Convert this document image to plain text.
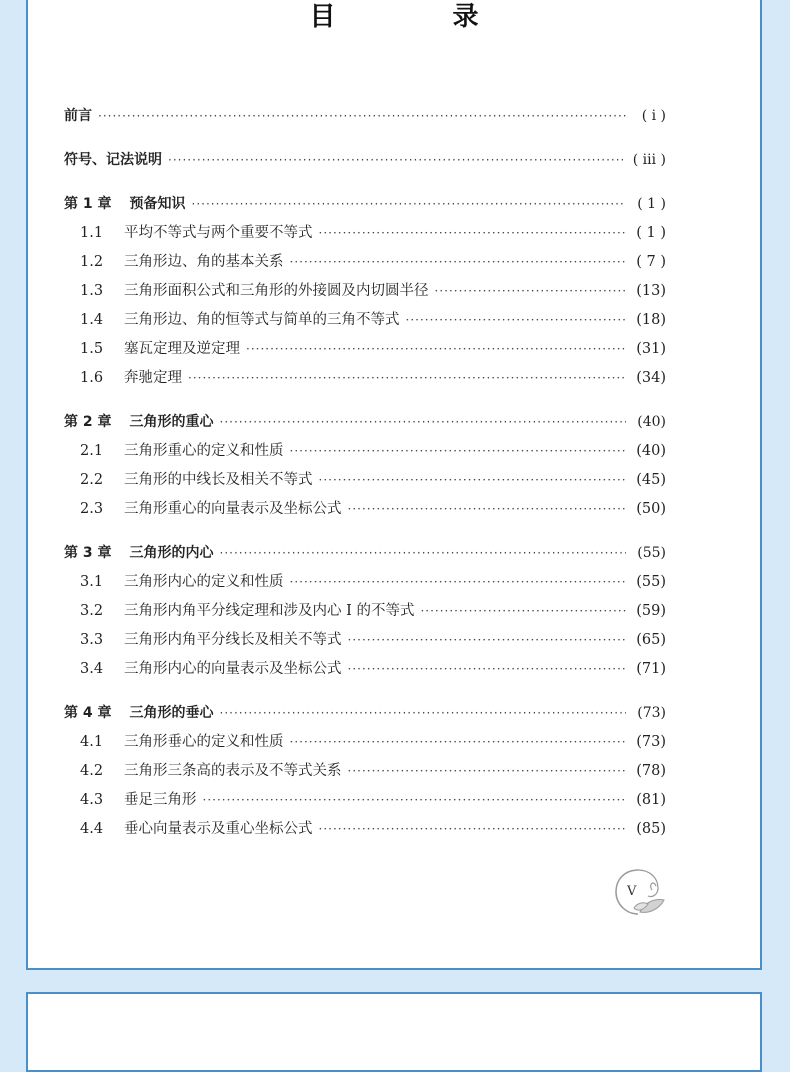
目 录
前言 ·····	( ⅰ )
符号、记法说明 ·····	( ⅲ )
第 1 章 预备知识 ·····	( 1 )
1.1	平均不等式与两个重要不等式 ·····	( 1 )
1.2	三角形边、角的基本关系 ·····	( 7 )
1.3	三角形面积公式和三角形的外接圆及内切圆半径 ·····	(13)
1.4	三角形边、角的恒等式与简单的三角不等式 ·····	(18)
1.5	塞瓦定理及逆定理 ·····	(31)
1.6	奔驰定理 ·····	(34)
第 2 章 三角形的重心 ·····	(40)
2.1	三角形重心的定义和性质 ·····	(40)
2.2	三角形的中线长及相关不等式 ·····	(45)
2.3	三角形重心的向量表示及坐标公式 ·····	(50)
第 3 章 三角形的内心 ·····	(55)
3.1	三角形内心的定义和性质 ·····	(55)
3.2	三角形内角平分线定理和涉及内心 I 的不等式 ·····	(59)
3.3	三角形内角平分线长及相关不等式 ·····	(65)
3.4	三角形内心的向量表示及坐标公式 ·····	(71)
第 4 章 三角形的垂心 ·····	(73)
4.1	三角形垂心的定义和性质 ·····	(73)
4.2	三角形三条高的表示及不等式关系 ·····	(78)
4.3	垂足三角形 ·····	(81)
4.4	垂心向量表示及重心坐标公式 ·····	(85)
V
